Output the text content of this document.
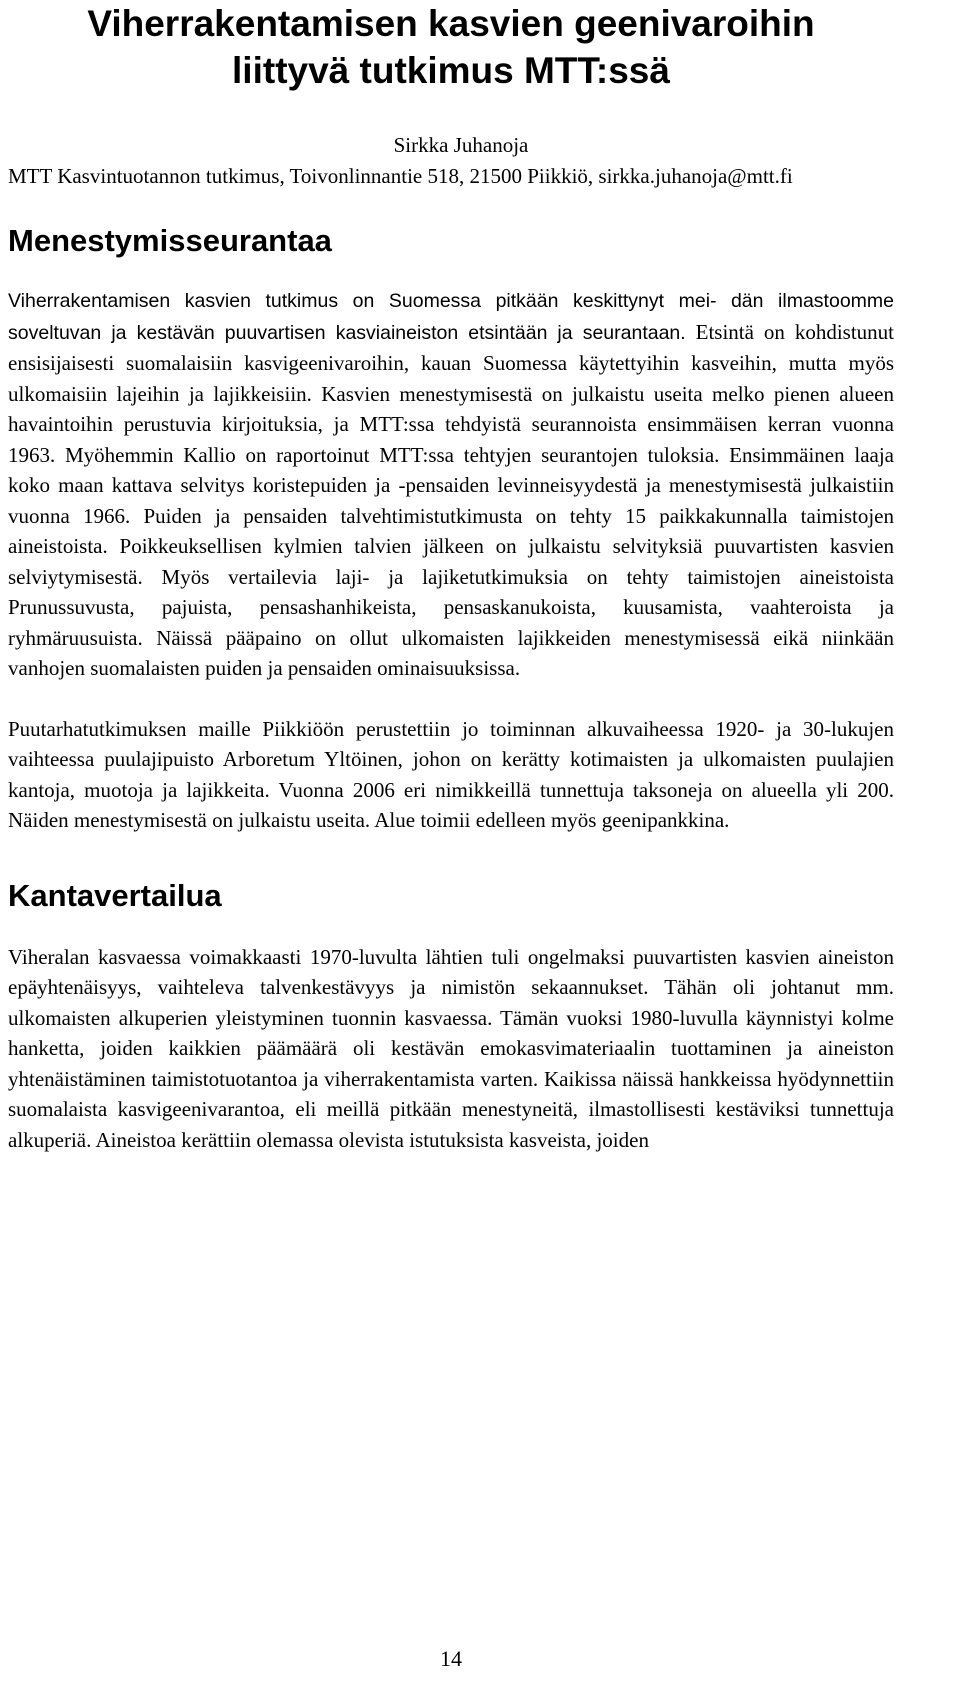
Viherrakentamisen kasvien geenivaroihin
liittyvä tutkimus MTT:ssä
Sirkka Juhanoja
MTT Kasvintuotannon tutkimus, Toivonlinnantie 518, 21500 Piikkiö, sirkka.juhanoja@mtt.fi
Menestymisseurantaa

Viherrakentamisen kasvien tutkimus on Suomessa pitkään keskittynyt mei- dän ilmastoomme soveltuvan ja kestävän puuvartisen kasviaineiston etsintään ja seurantaan. Etsintä on kohdistunut ensisijaisesti suomalaisiin kasvigeenivaroihin, kauan Suomessa käytettyihin kasveihin, mutta myös ulkomaisiin lajeihin ja lajikkeisiin. Kasvien menestymisestä on julkaistu useita melko pienen alueen havaintoihin perustuvia kirjoituksia, ja MTT:ssa tehdyistä seurannoista ensimmäisen kerran vuonna 1963. Myöhemmin Kallio on raportoinut MTT:ssa tehtyjen seurantojen tuloksia. Ensimmäinen laaja koko maan kattava selvitys koristepuiden ja -pensaiden levinneisyydestä ja menestymisestä julkaistiin vuonna 1966. Puiden ja pensaiden talvehtimistutkimusta on tehty 15 paikkakunnalla taimistojen aineistoista. Poikkeuksellisen kylmien talvien jälkeen on julkaistu selvityksiä puuvartisten kasvien selviytymisestä. Myös vertailevia laji- ja lajiketutkimuksia on tehty taimistojen aineistoista Prunussuvusta, pajuista, pensashanhikeista, pensaskanukoista, kuusamista, vaahteroista ja ryhmäruusuista. Näissä pääpaino on ollut ulkomaisten lajikkeiden menestymisessä eikä niinkään vanhojen suomalaisten puiden ja pensaiden ominaisuuksissa.

Puutarhatutkimuksen maille Piikkiöön perustettiin jo toiminnan alkuvaiheessa 1920- ja 30-lukujen vaihteessa puulajipuisto Arboretum Yltöinen, johon on kerätty kotimaisten ja ulkomaisten puulajien kantoja, muotoja ja lajikkeita. Vuonna 2006 eri nimikkeillä tunnettuja taksoneja on alueella yli 200. Näiden menestymisestä on julkaistu useita. Alue toimii edelleen myös geenipankkina.

Kantavertailua

Viheralan kasvaessa voimakkaasti 1970-luvulta lähtien tuli ongelmaksi puuvartisten kasvien aineiston epäyhtenäisyys, vaihteleva talvenkestävyys ja nimistön sekaannukset. Tähän oli johtanut mm. ulkomaisten alkuperien yleistyminen tuonnin kasvaessa. Tämän vuoksi 1980-luvulla käynnistyi kolme hanketta, joiden kaikkien päämäärä oli kestävän emokasvimateriaalin tuottaminen ja aineiston yhtenäistäminen taimistotuotantoa ja viherrakentamista varten. Kaikissa näissä hankkeissa hyödynnettiin suomalaista kasvigeenivarantoa, eli meillä pitkään menestyneitä, ilmastollisesti kestäviksi tunnettuja alkuperiä. Aineistoa kerättiin olemassa olevista istutuksista kasveista, joiden

14
